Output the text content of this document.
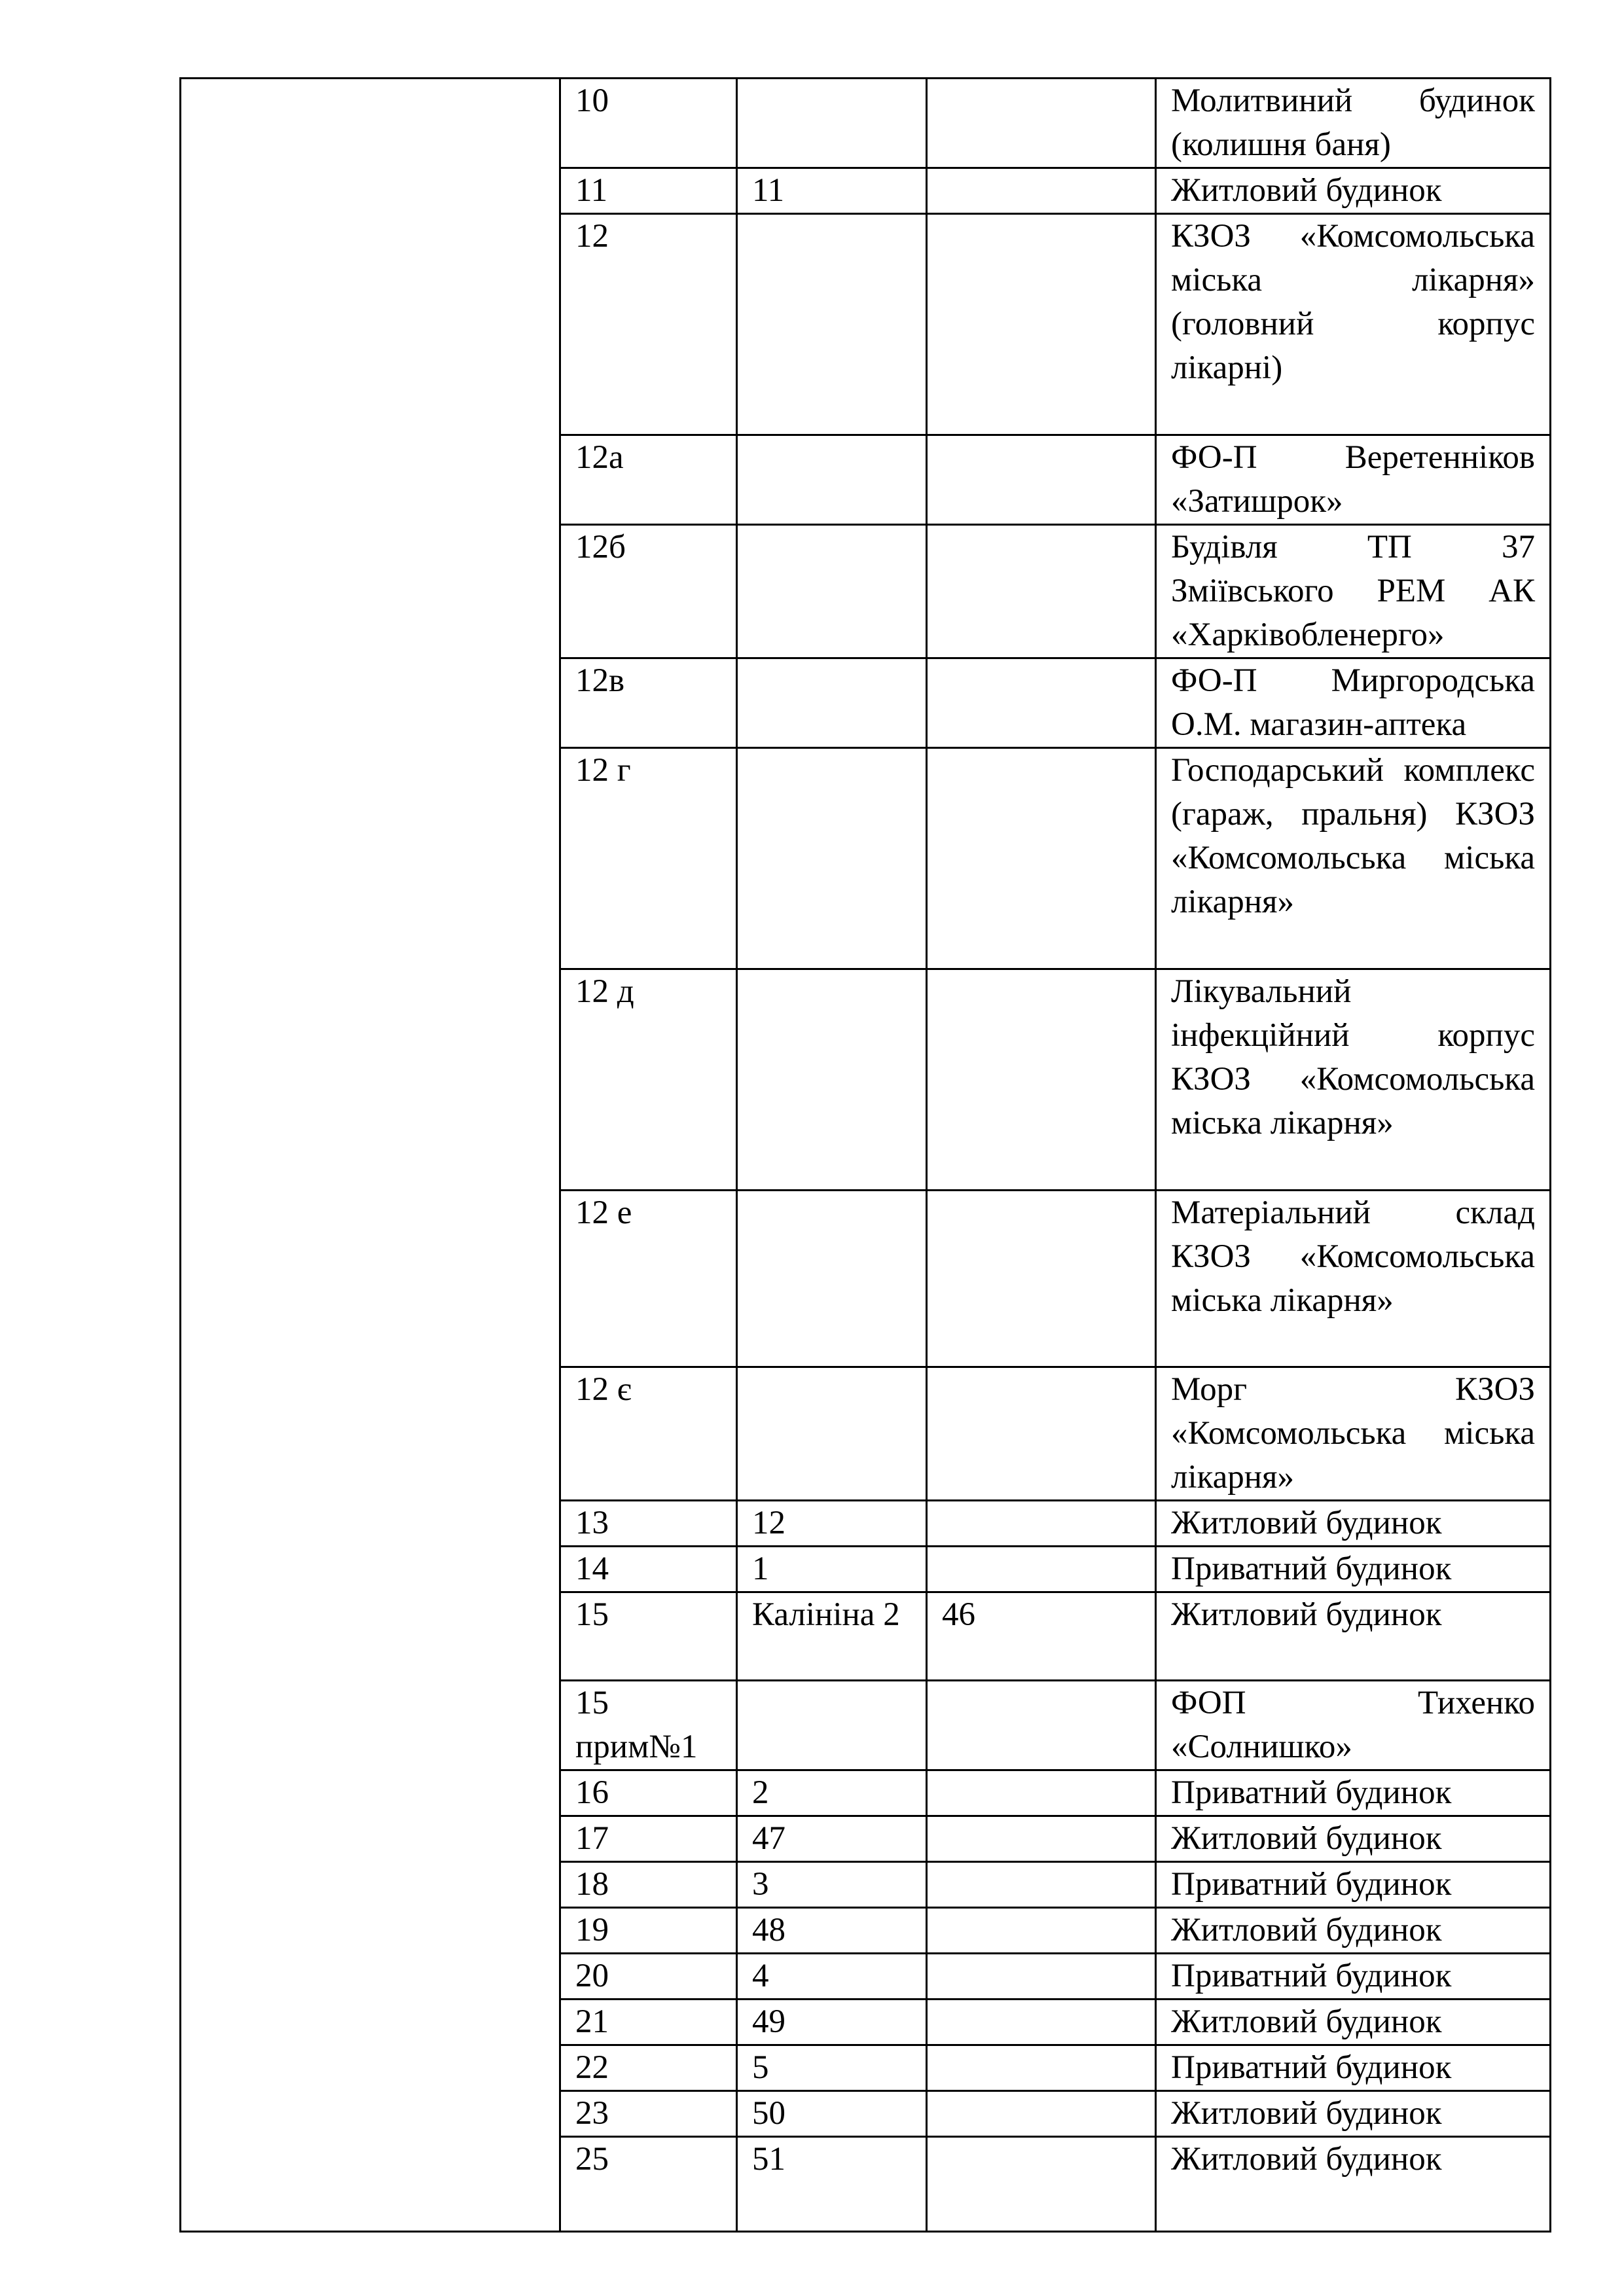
10			Молитвиний будинок (колишня баня)
11	11		Житловий будинок
12			КЗОЗ «Комсомольська міська лікарня» (головний корпус лікарні)
12а			ФО-П Веретенніков «Затишрок»
12б			Будівля ТП 37 Зміївського РЕМ АК «Харківобленерго»
12в			ФО-П Миргородська О.М. магазин-аптека
12 г			Господарський комплекс (гараж, пральня) КЗОЗ «Комсомольська міська лікарня»
12 д			Лікувальний інфекційний корпус КЗОЗ «Комсомольська міська лікарня»
12 е			Матеріальний склад КЗОЗ «Комсомольська міська лікарня»
12 є			Морг КЗОЗ «Комсомольська міська лікарня»
13	12		Житловий будинок
14	1		Приватний будинок
15	Калініна 2	46	Житловий будинок
15 прим№1			ФОП Тихенко «Солнишко»
16	2		Приватний будинок
17	47		Житловий будинок
18	3		Приватний будинок
19	48		Житловий будинок
20	4		Приватний будинок
21	49		Житловий будинок
22	5		Приватний будинок
23	50		Житловий будинок
25	51		Житловий будинок
